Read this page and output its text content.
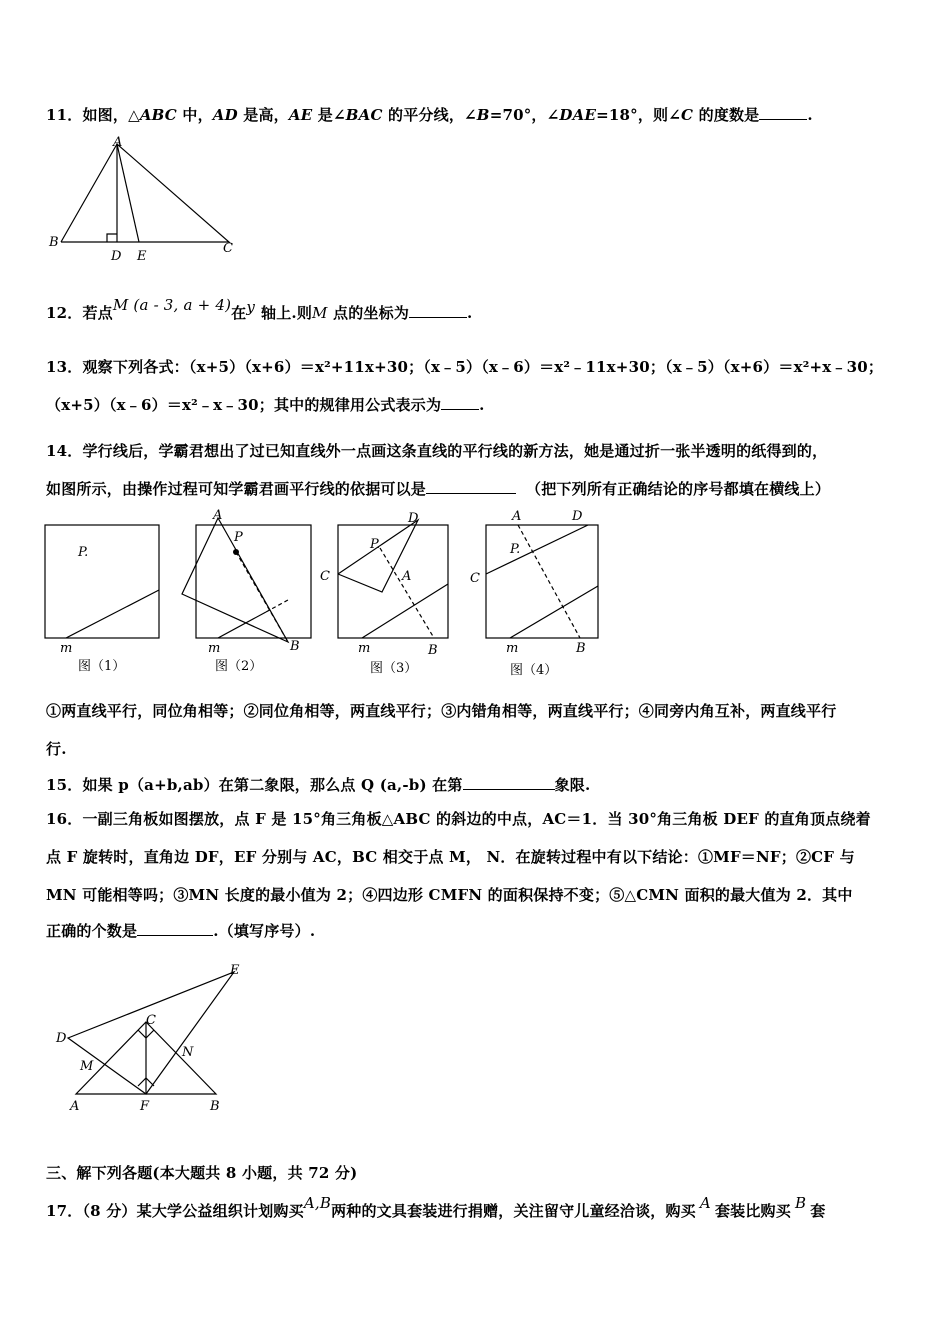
11．如图，△ABC 中，AD 是高，AE 是∠BAC 的平分线，∠B=70°，∠DAE=18°，则∠C 的度数是	.
A
B	C
D E
12．若点M (a - 3, a + 4)在y 轴上.则M 点的坐标为	.
13．观察下列各式：（x+5）（x+6）＝x²+11x+30；（x﹣5）（x﹣6）＝x²﹣11x+30；（x﹣5）（x+6）＝x²+x﹣30；
（x+5）（x﹣6）＝x²﹣x﹣30；其中的规律用公式表示为	.
14．学行线后，学霸君想出了过已知直线外一点画这条直线的平行线的新方法，她是通过折一张半透明的纸得到的，
如图所示，由操作过程可知学霸君画平行线的依据可以是	（把下列所有正确结论的序号都填在横线上）
P.
m
A
P
m	B
D
P.
C	A
m	B
A	D
P.
C
m	B
图（1）	图（2）	图（3）	图（4）
①两直线平行，同位角相等；②同位角相等，两直线平行；③内错角相等，两直线平行；④同旁内角互补，两直线平行
行.
15．如果 p（a+b,ab）在第二象限，那么点 Q (a,-b) 在第	象限.
16．一副三角板如图摆放，点 F 是 15°角三角板△ABC 的斜边的中点，AC＝1．当 30°角三角板 DEF 的直角顶点绕着
点 F 旋转时，直角边 DF，EF 分别与 AC，BC 相交于点 M， N．在旋转过程中有以下结论：①MF＝NF；②CF 与
MN 可能相等吗；③MN 长度的最小值为 2；④四边形 CMFN 的面积保持不变；⑤△CMN 面积的最大值为 2．其中
正确的个数是	.（填写序号）.
E
D
C
M
N
A	F	B
三、解下列各题(本大题共 8 小题，共 72 分)
17．（8 分）某大学公益组织计划购买A,B两种的文具套装进行捐赠，关注留守儿童经洽谈，购买 A 套装比购买 B 套
